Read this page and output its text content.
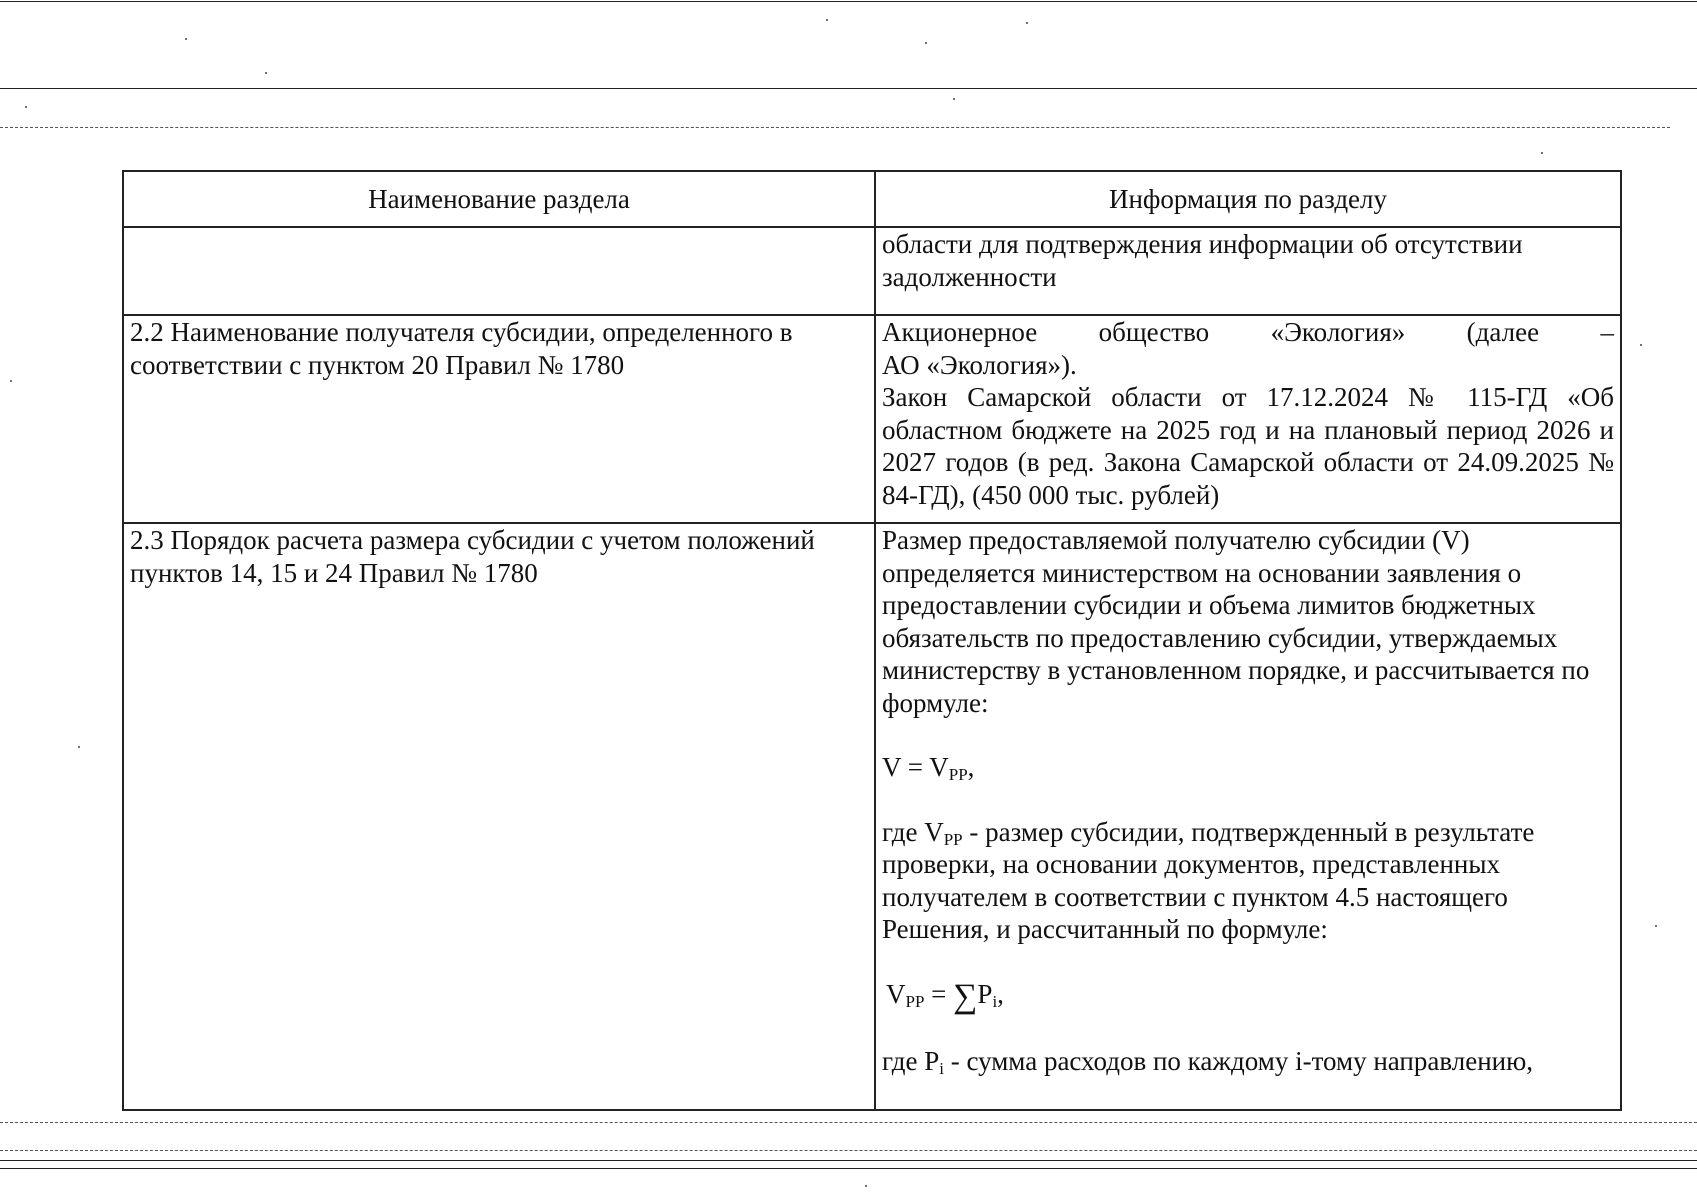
Наименование раздела	Информация по разделу

	области для подтверждения информации об отсутствии задолженности

2.2 Наименование получателя субсидии, определенного в соответствии с пунктом 20 Правил № 1780	Акционерное общество «Экология» (далее –
АО «Экология»).
Закон Самарской области от 17.12.2024 № 115-ГД «Об областном бюджете на 2025 год и на плановый период 2026 и 2027 годов (в ред. Закона Самарской области от 24.09.2025 № 84-ГД), (450 000 тыс. рублей)

2.3 Порядок расчета размера субсидии с учетом положений пунктов 14, 15 и 24 Правил № 1780	Размер предоставляемой получателю субсидии (V) определяется министерством на основании заявления о предоставлении субсидии и объема лимитов бюджетных обязательств по предоставлению субсидии, утверждаемых министерству в установленном порядке, и рассчитывается по формуле:

$V = V_{PP}$,

где $V_{PP}$ - размер субсидии, подтвержденный в результате проверки, на основании документов, представленных получателем в соответствии с пунктом 4.5 настоящего Решения, и рассчитанный по формуле:

$V_{PP} = \sum P_i$,

где $P_i$ - сумма расходов по каждому i-тому направлению,
